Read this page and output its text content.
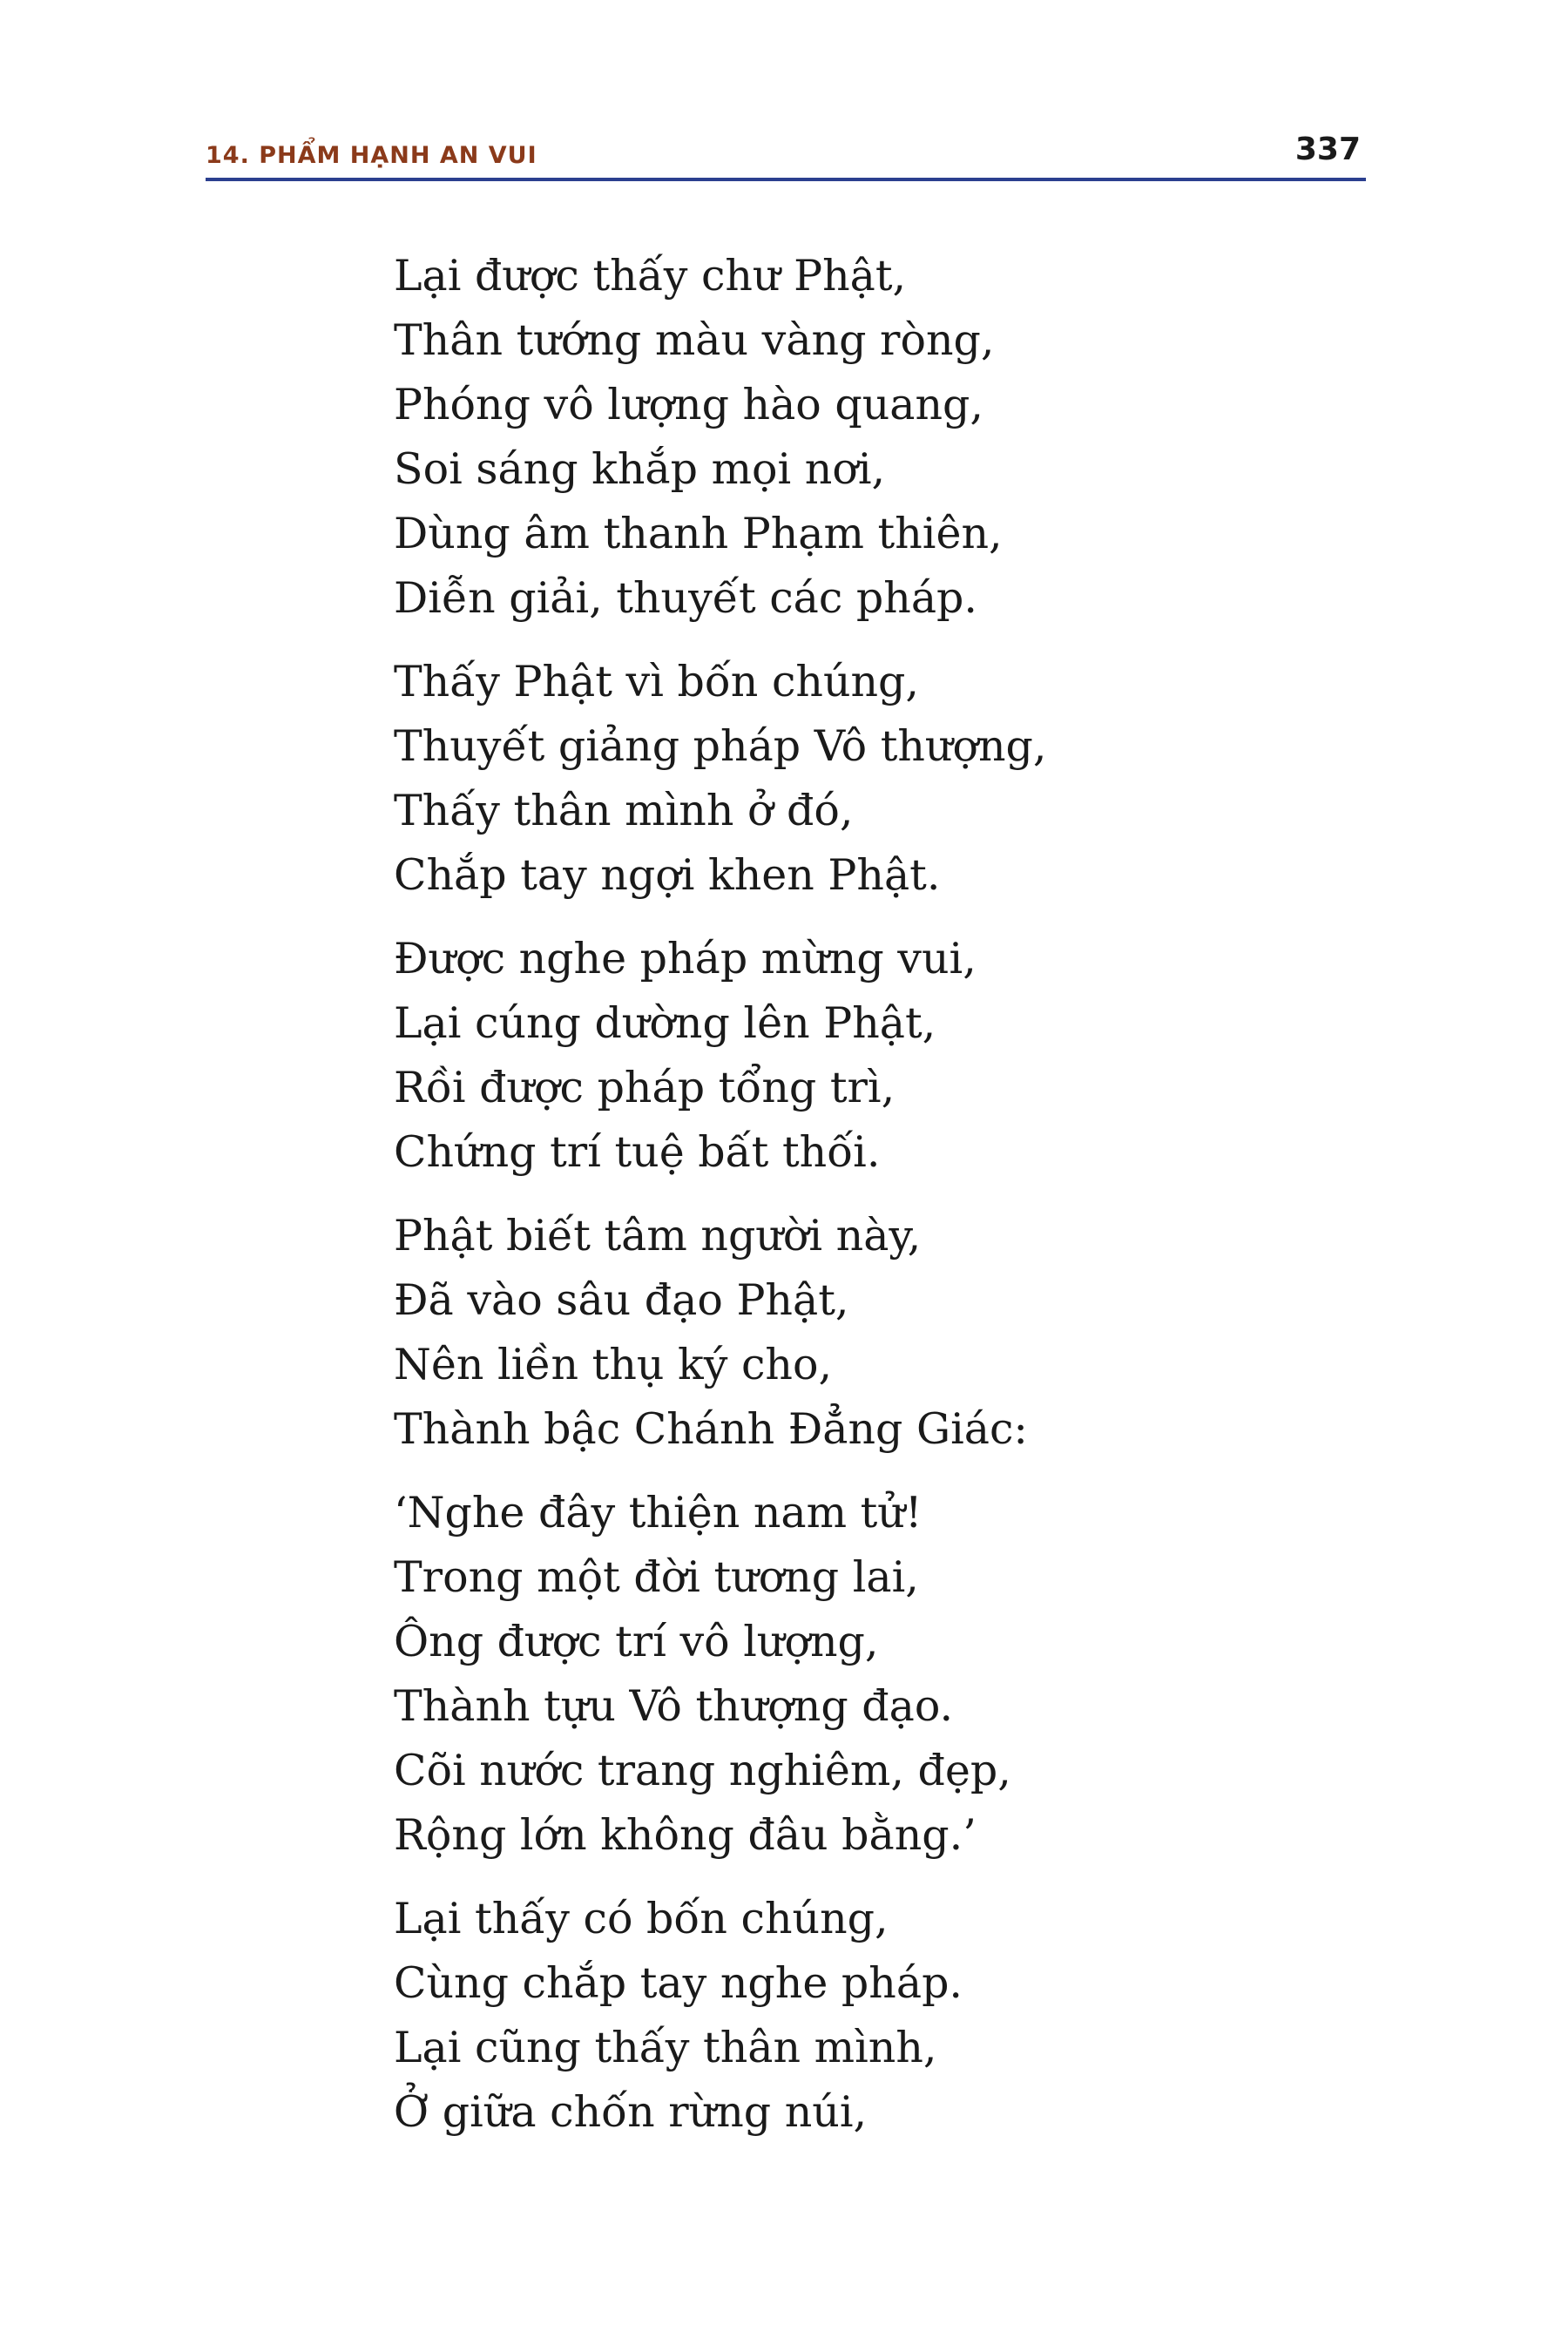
14. PHẨM HẠNH AN VUI	337
Lại được thấy chư Phật,
Thân tướng màu vàng ròng,
Phóng vô lượng hào quang,
Soi sáng khắp mọi nơi,
Dùng âm thanh Phạm thiên,
Diễn giải, thuyết các pháp.
Thấy Phật vì bốn chúng,
Thuyết giảng pháp Vô thượng,
Thấy thân mình ở đó,
Chắp tay ngợi khen Phật.
Được nghe pháp mừng vui,
Lại cúng dường lên Phật,
Rồi được pháp tổng trì,
Chứng trí tuệ bất thối.
Phật biết tâm người này,
Đã vào sâu đạo Phật,
Nên liền thụ ký cho,
Thành bậc Chánh Đẳng Giác:
‘Nghe đây thiện nam tử!
Trong một đời tương lai,
Ông được trí vô lượng,
Thành tựu Vô thượng đạo.
Cõi nước trang nghiêm, đẹp,
Rộng lớn không đâu bằng.’
Lại thấy có bốn chúng,
Cùng chắp tay nghe pháp.
Lại cũng thấy thân mình,
Ở giữa chốn rừng núi,
